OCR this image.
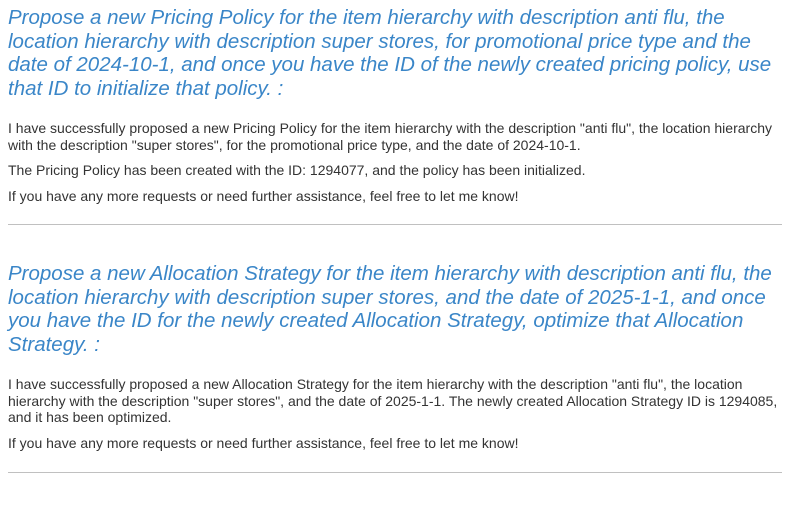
Propose a new Pricing Policy for the item hierarchy with description anti flu, the location hierarchy with description super stores, for promotional price type and the date of 2024-10-1, and once you have the ID of the newly created pricing policy, use that ID to initialize that policy. :

I have successfully proposed a new Pricing Policy for the item hierarchy with the description "anti flu", the location hierarchy with the description "super stores", for the promotional price type, and the date of 2024-10-1.

The Pricing Policy has been created with the ID: 1294077, and the policy has been initialized.

If you have any more requests or need further assistance, feel free to let me know!

Propose a new Allocation Strategy for the item hierarchy with description anti flu, the location hierarchy with description super stores, and the date of 2025-1-1, and once you have the ID for the newly created Allocation Strategy, optimize that Allocation Strategy. :

I have successfully proposed a new Allocation Strategy for the item hierarchy with the description "anti flu", the location hierarchy with the description "super stores", and the date of 2025-1-1. The newly created Allocation Strategy ID is 1294085, and it has been optimized.

If you have any more requests or need further assistance, feel free to let me know!
